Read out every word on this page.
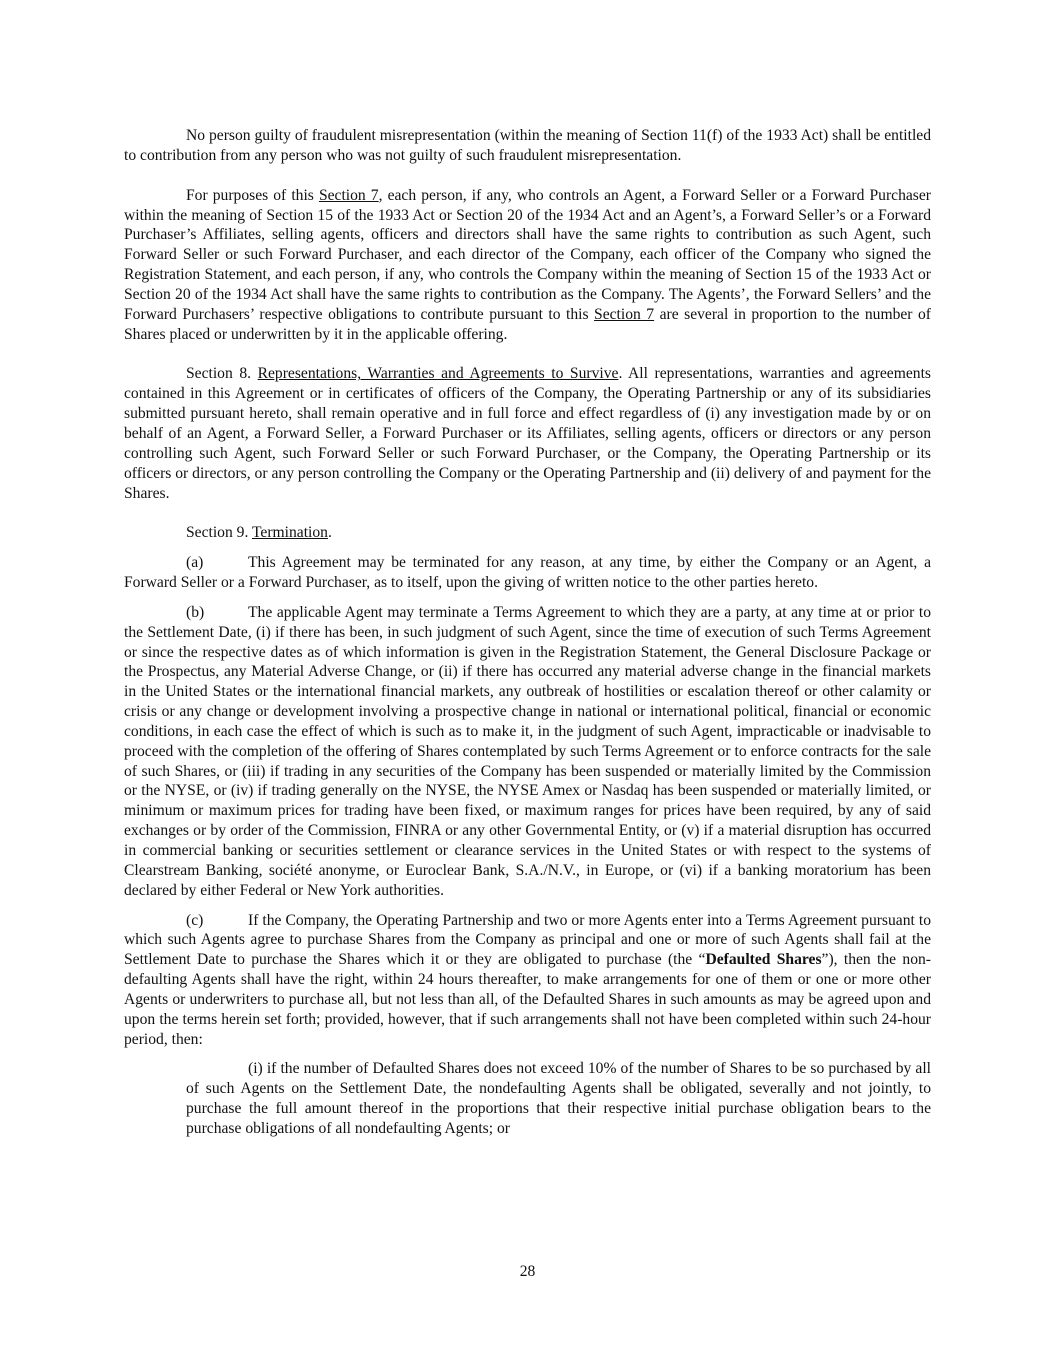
No person guilty of fraudulent misrepresentation (within the meaning of Section 11(f) of the 1933 Act) shall be entitled to contribution from any person who was not guilty of such fraudulent misrepresentation.

For purposes of this Section 7, each person, if any, who controls an Agent, a Forward Seller or a Forward Purchaser within the meaning of Section 15 of the 1933 Act or Section 20 of the 1934 Act and an Agent’s, a Forward Seller’s or a Forward Purchaser’s Affiliates, selling agents, officers and directors shall have the same rights to contribution as such Agent, such Forward Seller or such Forward Purchaser, and each director of the Company, each officer of the Company who signed the Registration Statement, and each person, if any, who controls the Company within the meaning of Section 15 of the 1933 Act or Section 20 of the 1934 Act shall have the same rights to contribution as the Company. The Agents’, the Forward Sellers’ and the Forward Purchasers’ respective obligations to contribute pursuant to this Section 7 are several in proportion to the number of Shares placed or underwritten by it in the applicable offering.

Section 8. Representations, Warranties and Agreements to Survive. All representations, warranties and agreements contained in this Agreement or in certificates of officers of the Company, the Operating Partnership or any of its subsidiaries submitted pursuant hereto, shall remain operative and in full force and effect regardless of (i) any investigation made by or on behalf of an Agent, a Forward Seller, a Forward Purchaser or its Affiliates, selling agents, officers or directors or any person controlling such Agent, such Forward Seller or such Forward Purchaser, or the Company, the Operating Partnership or its officers or directors, or any person controlling the Company or the Operating Partnership and (ii) delivery of and payment for the Shares.

Section 9. Termination.

(a)	This Agreement may be terminated for any reason, at any time, by either the Company or an Agent, a Forward Seller or a Forward Purchaser, as to itself, upon the giving of written notice to the other parties hereto.

(b)	The applicable Agent may terminate a Terms Agreement to which they are a party, at any time at or prior to the Settlement Date, (i) if there has been, in such judgment of such Agent, since the time of execution of such Terms Agreement or since the respective dates as of which information is given in the Registration Statement, the General Disclosure Package or the Prospectus, any Material Adverse Change, or (ii) if there has occurred any material adverse change in the financial markets in the United States or the international financial markets, any outbreak of hostilities or escalation thereof or other calamity or crisis or any change or development involving a prospective change in national or international political, financial or economic conditions, in each case the effect of which is such as to make it, in the judgment of such Agent, impracticable or inadvisable to proceed with the completion of the offering of Shares contemplated by such Terms Agreement or to enforce contracts for the sale of such Shares, or (iii) if trading in any securities of the Company has been suspended or materially limited by the Commission or the NYSE, or (iv) if trading generally on the NYSE, the NYSE Amex or Nasdaq has been suspended or materially limited, or minimum or maximum prices for trading have been fixed, or maximum ranges for prices have been required, by any of said exchanges or by order of the Commission, FINRA or any other Governmental Entity, or (v) if a material disruption has occurred in commercial banking or securities settlement or clearance services in the United States or with respect to the systems of Clearstream Banking, société anonyme, or Euroclear Bank, S.A./N.V., in Europe, or (vi) if a banking moratorium has been declared by either Federal or New York authorities.

(c)	If the Company, the Operating Partnership and two or more Agents enter into a Terms Agreement pursuant to which such Agents agree to purchase Shares from the Company as principal and one or more of such Agents shall fail at the Settlement Date to purchase the Shares which it or they are obligated to purchase (the “Defaulted Shares”), then the non-defaulting Agents shall have the right, within 24 hours thereafter, to make arrangements for one of them or one or more other Agents or underwriters to purchase all, but not less than all, of the Defaulted Shares in such amounts as may be agreed upon and upon the terms herein set forth; provided, however, that if such arrangements shall not have been completed within such 24-hour period, then:

(i) if the number of Defaulted Shares does not exceed 10% of the number of Shares to be so purchased by all of such Agents on the Settlement Date, the nondefaulting Agents shall be obligated, severally and not jointly, to purchase the full amount thereof in the proportions that their respective initial purchase obligation bears to the purchase obligations of all nondefaulting Agents; or

28
